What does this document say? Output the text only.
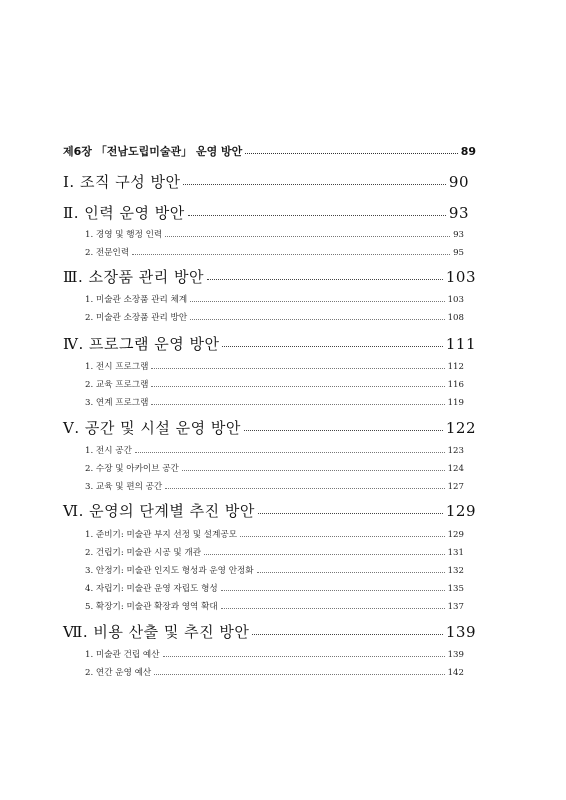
제6장 「전남도립미술관」 운영 방안	89
Ⅰ. 조직 구성 방안	90
Ⅱ. 인력 운영 방안	93
1. 경영 및 행정 인력	93
2. 전문인력	95
Ⅲ. 소장품 관리 방안	103
1. 미술관 소장품 관리 체계	103
2. 미술관 소장품 관리 방안	108
Ⅳ. 프로그램 운영 방안	111
1. 전시 프로그램	112
2. 교육 프로그램	116
3. 연계 프로그램	119
Ⅴ. 공간 및 시설 운영 방안	122
1. 전시 공간	123
2. 수장 및 아카이브 공간	124
3. 교육 및 편의 공간	127
Ⅵ. 운영의 단계별 추진 방안	129
1. 준비기: 미술관 부지 선정 및 설계공모	129
2. 건립기: 미술관 시공 및 개관	131
3. 안정기: 미술관 인지도 형성과 운영 안정화	132
4. 자립기: 미술관 운영 자립도 형성	135
5. 확장기: 미술관 확장과 영역 확대	137
Ⅶ. 비용 산출 및 추진 방안	139
1. 미술관 건립 예산	139
2. 연간 운영 예산	142
